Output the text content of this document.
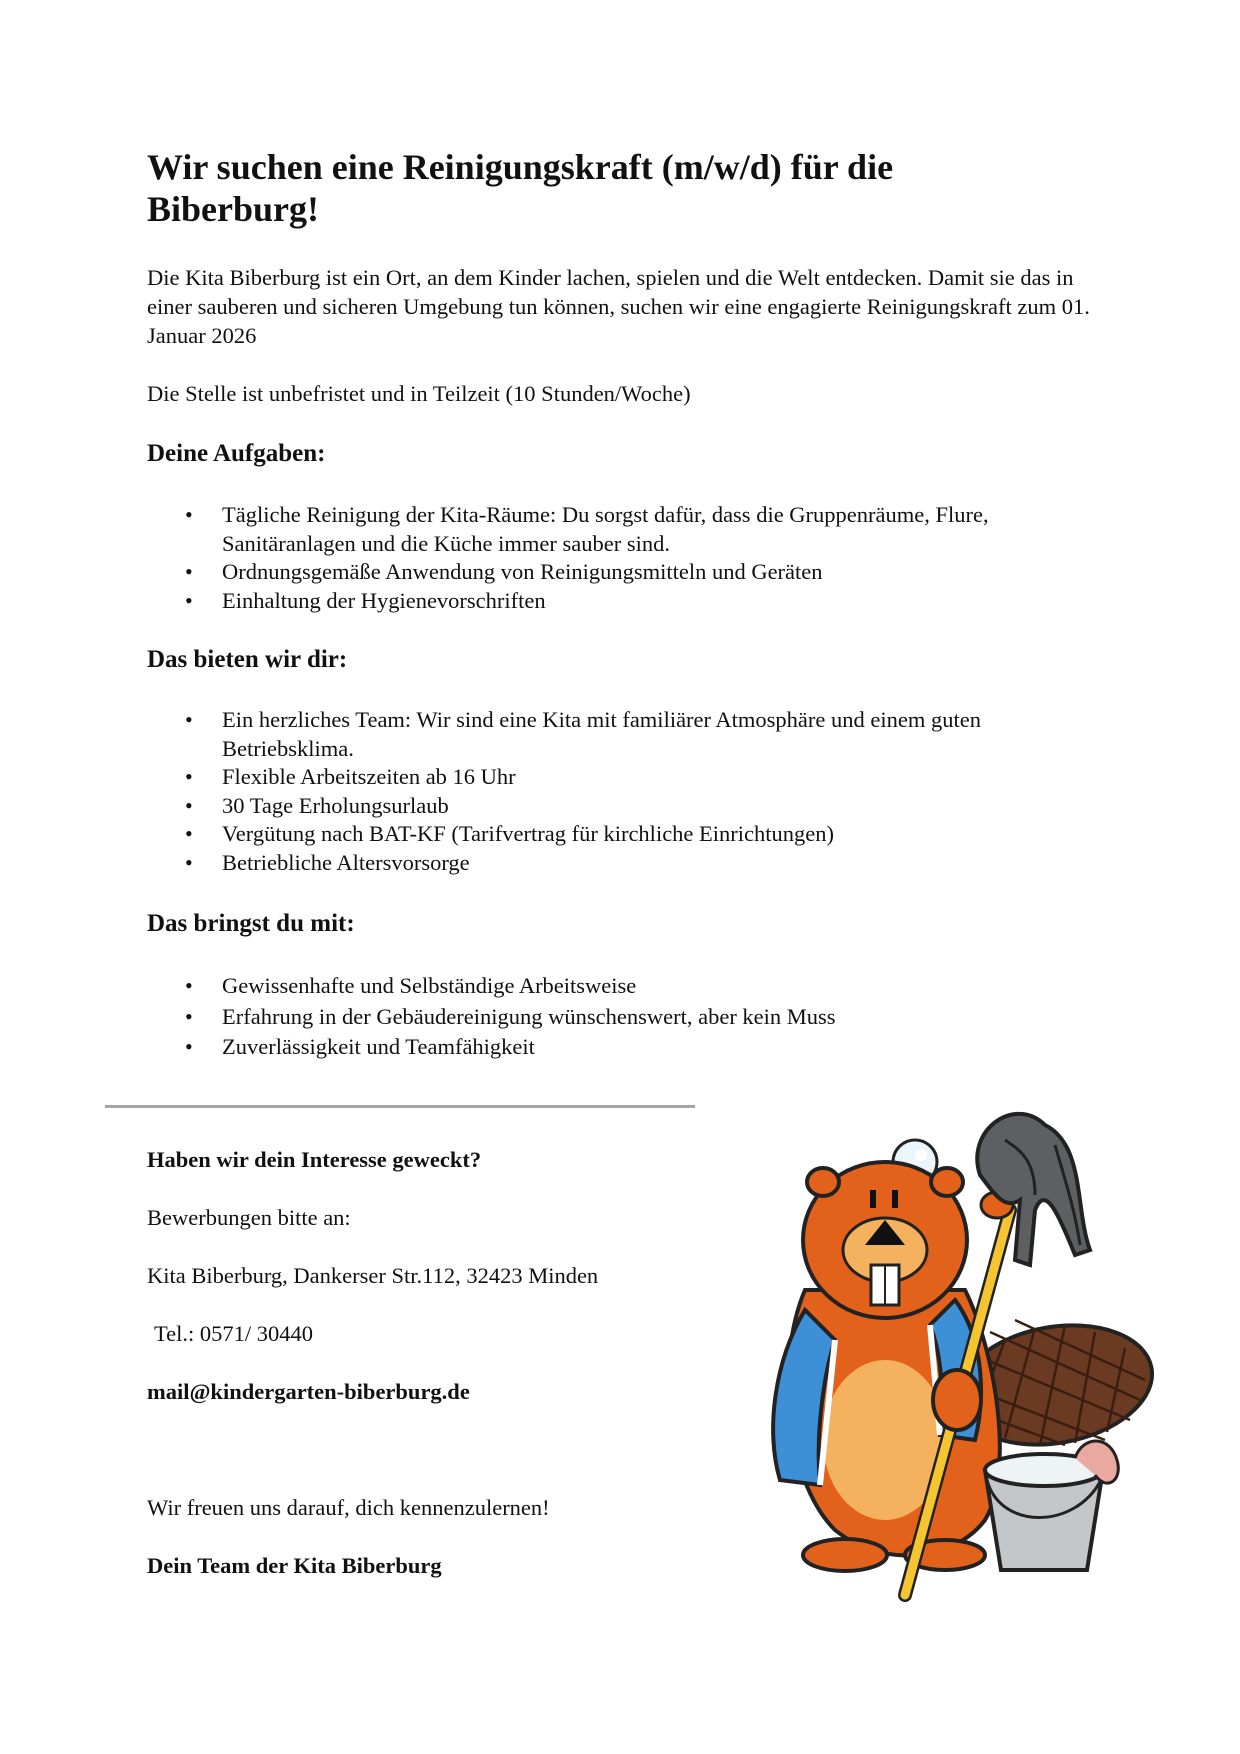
Wir suchen eine Reinigungskraft (m/w/d) für die Biberburg!

Die Kita Biberburg ist ein Ort, an dem Kinder lachen, spielen und die Welt entdecken. Damit sie das in einer sauberen und sicheren Umgebung tun können, suchen wir eine engagierte Reinigungskraft zum 01. Januar 2026

Die Stelle ist unbefristet und in Teilzeit (10 Stunden/Woche)

Deine Aufgaben:
• Tägliche Reinigung der Kita-Räume: Du sorgst dafür, dass die Gruppenräume, Flure, Sanitäranlagen und die Küche immer sauber sind.
• Ordnungsgemäße Anwendung von Reinigungsmitteln und Geräten
• Einhaltung der Hygienevorschriften
Das bieten wir dir:
• Ein herzliches Team: Wir sind eine Kita mit familiärer Atmosphäre und einem guten Betriebsklima.
• Flexible Arbeitszeiten ab 16 Uhr
• 30 Tage Erholungsurlaub
• Vergütung nach BAT-KF (Tarifvertrag für kirchliche Einrichtungen)
• Betriebliche Altersvorsorge
Das bringst du mit:
• Gewissenhafte und Selbständige Arbeitsweise
• Erfahrung in der Gebäudereinigung wünschenswert, aber kein Muss
• Zuverlässigkeit und Teamfähigkeit

Haben wir dein Interesse geweckt?

Bewerbungen bitte an:

Kita Biberburg, Dankerser Str.112, 32423 Minden

Tel.: 0571/ 30440

mail@kindergarten-biberburg.de

Wir freuen uns darauf, dich kennenzulernen!

Dein Team der Kita Biberburg
